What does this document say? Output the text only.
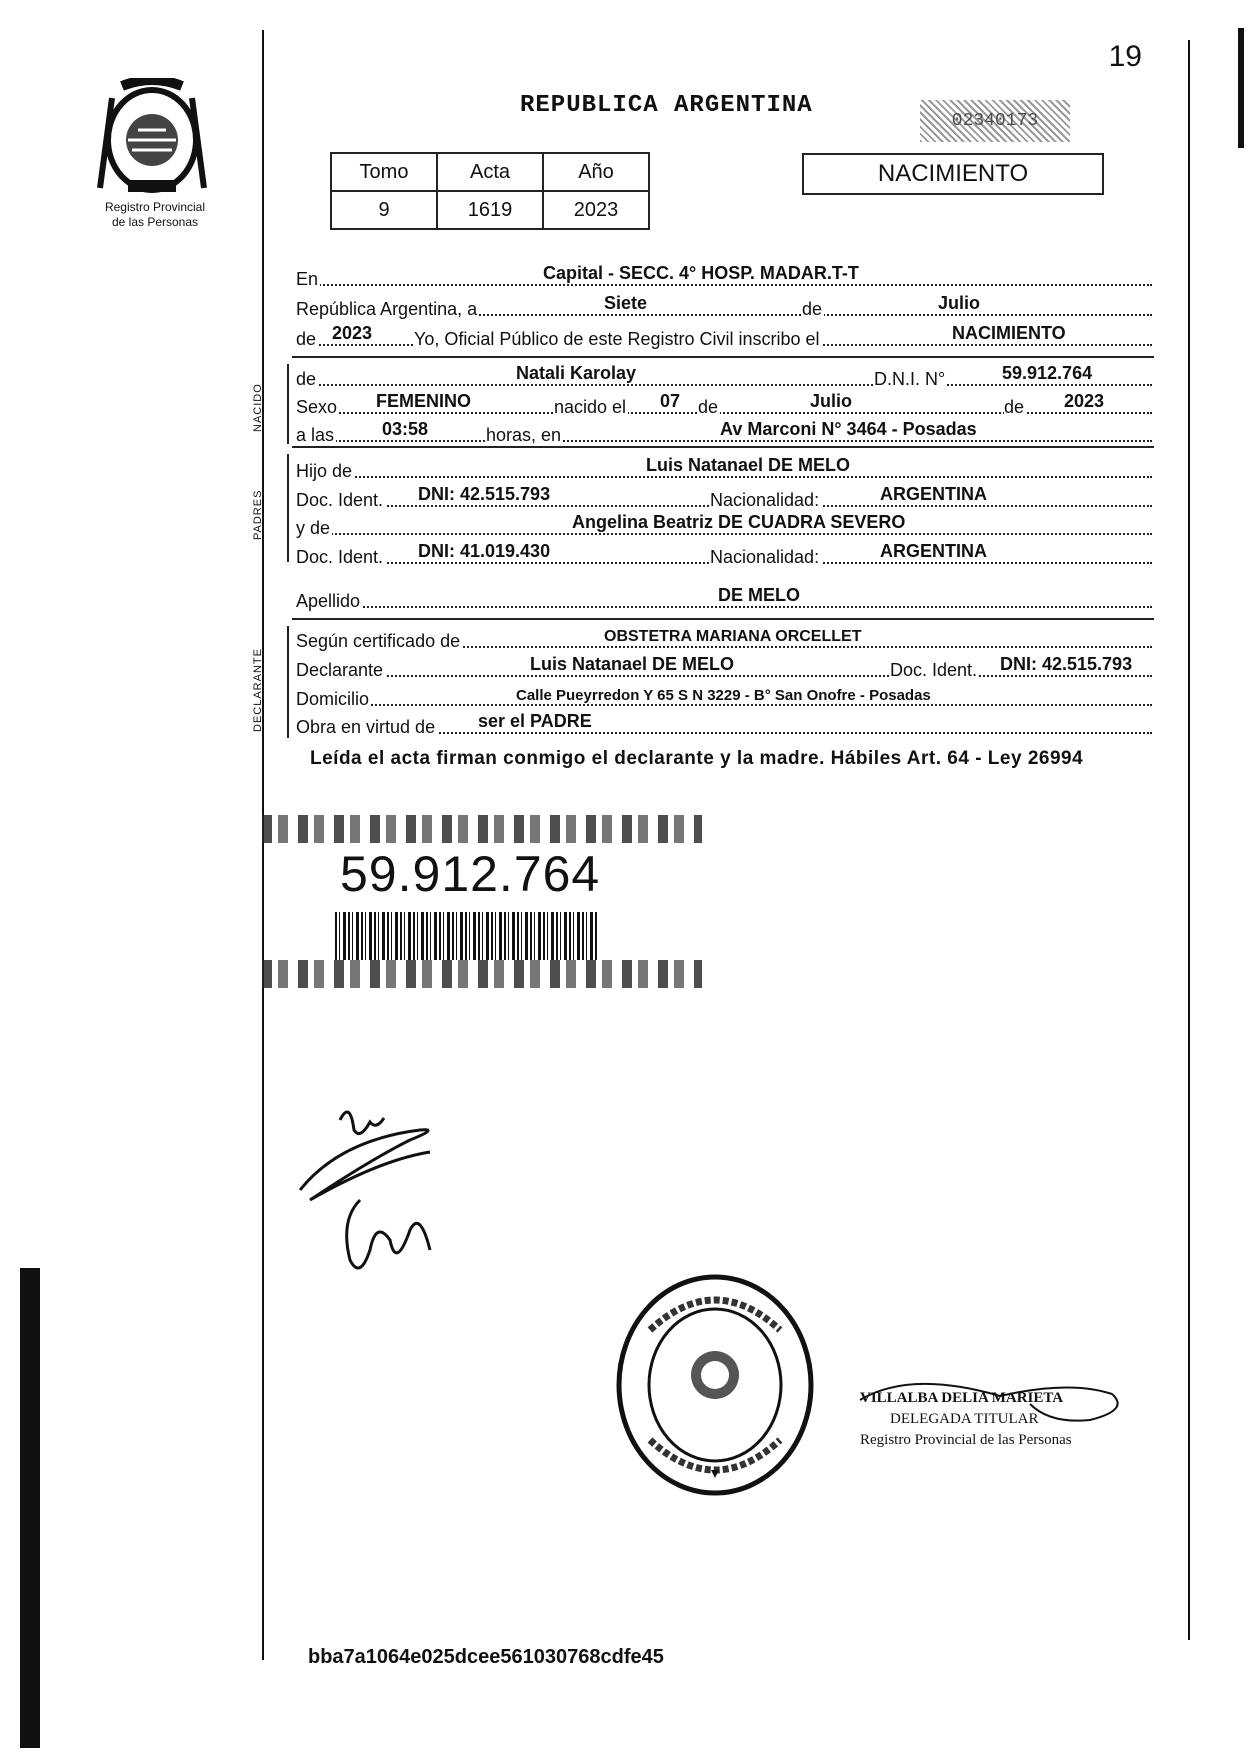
19
Registro Provincial
de las Personas
REPUBLICA ARGENTINA
02340173
Tomo	Acta	Año
9	1619	2023
NACIMIENTO
En	Capital - SECC. 4° HOSP. MADAR.T-T
República Argentina, a	Siete	de	Julio
de 2023 Yo, Oficial Público de este Registro Civil inscribo el	NACIMIENTO
NACIDO
de	Natali Karolay	D.N.I. N°	59.912.764
Sexo FEMENINO	nacido el 07 de	Julio	de 2023
a las	03:58	horas, en	Av Marconi N° 3464 - Posadas
PADRES
Hijo de	Luis Natanael DE MELO
Doc. Ident. DNI: 42.515.793	Nacionalidad:	ARGENTINA
y de	Angelina Beatriz DE CUADRA SEVERO
Doc. Ident. DNI: 41.019.430	Nacionalidad:	ARGENTINA
Apellido	DE MELO
DECLARANTE
Según certificado de	OBSTETRA MARIANA ORCELLET
Declarante	Luis Natanael DE MELO	Doc. Ident. DNI: 42.515.793
Domicilio	Calle Pueyrredon Y 65 S N 3229 - B° San Onofre - Posadas
Obra en virtud de ser el PADRE
Leída el acta firman conmigo el declarante y la madre. Hábiles Art. 64 - Ley 26994
59.912.764
VILLALBA DELIA MARIETA
DELEGADA TITULAR
Registro Provincial de las Personas
bba7a1064e025dcee561030768cdfe45
